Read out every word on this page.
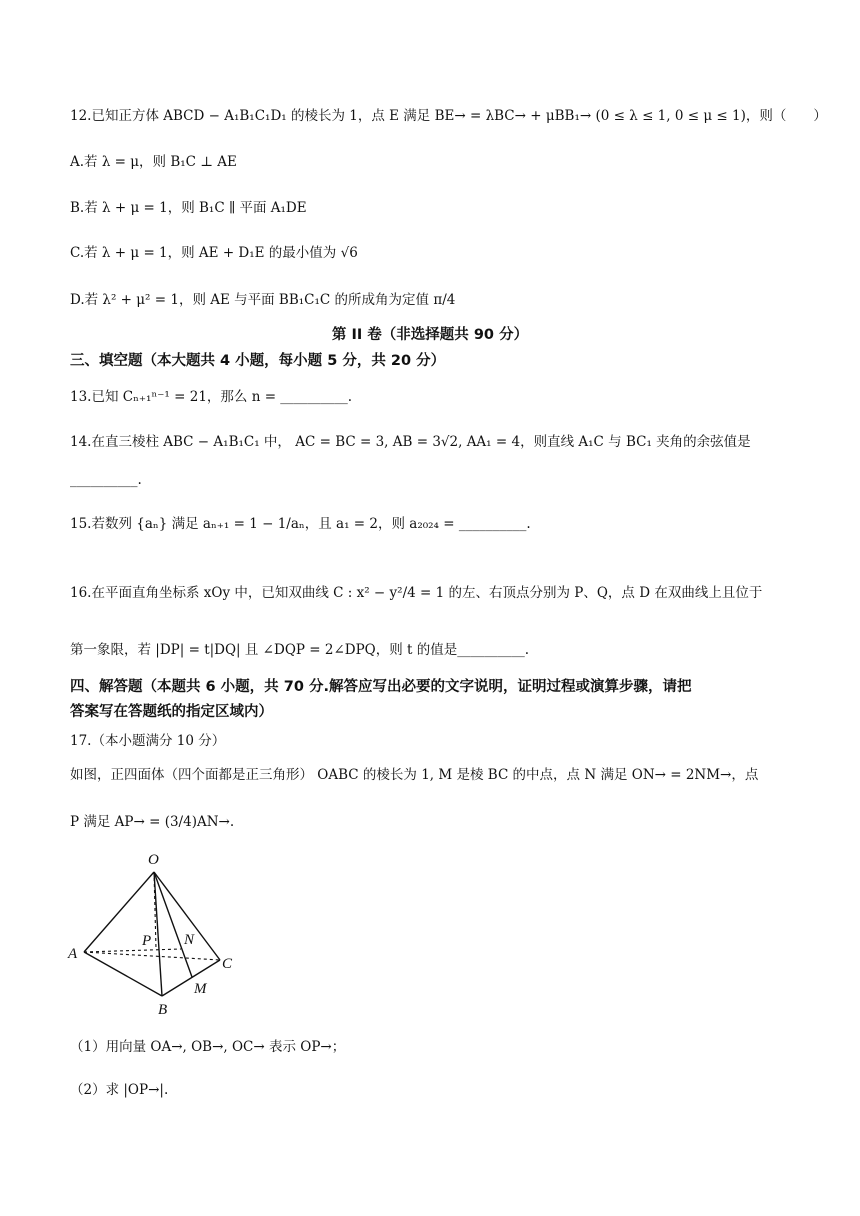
12.已知正方体 ABCD − A₁B₁C₁D₁ 的棱长为 1，点 E 满足 BE→ = λBC→ + μBB₁→ (0 ≤ λ ≤ 1, 0 ≤ μ ≤ 1)，则（　　）
A.若 λ = μ，则 B₁C ⊥ AE
B.若 λ + μ = 1，则 B₁C ∥ 平面 A₁DE
C.若 λ + μ = 1，则 AE + D₁E 的最小值为 √6
D.若 λ² + μ² = 1，则 AE 与平面 BB₁C₁C 的所成角为定值 π/4
第 II 卷（非选择题共 90 分）
三、填空题（本大题共 4 小题，每小题 5 分，共 20 分）
13.已知 Cₙ₊₁ⁿ⁻¹ = 21，那么 n = __________.
14.在直三棱柱 ABC − A₁B₁C₁ 中， AC = BC = 3, AB = 3√2, AA₁ = 4，则直线 A₁C 与 BC₁ 夹角的余弦值是
__________.
15.若数列 {aₙ} 满足 aₙ₊₁ = 1 − 1/aₙ，且 a₁ = 2，则 a₂₀₂₄ = __________.
16.在平面直角坐标系 xOy 中，已知双曲线 C : x² − y²/4 = 1 的左、右顶点分别为 P、Q，点 D 在双曲线上且位于
第一象限，若 |DP| = t|DQ| 且 ∠DQP = 2∠DPQ，则 t 的值是__________.
四、解答题（本题共 6 小题，共 70 分.解答应写出必要的文字说明，证明过程或演算步骤，请把
答案写在答题纸的指定区域内）
17.（本小题满分 10 分）
如图，正四面体（四个面都是正三角形） OABC 的棱长为 1, M 是棱 BC 的中点，点 N 满足 ON→ = 2NM→，点
P 满足 AP→ = (3/4)AN→.
O
A
B
C
M
N
P
（1）用向量 OA→, OB→, OC→ 表示 OP→；
（2）求 |OP→|.
